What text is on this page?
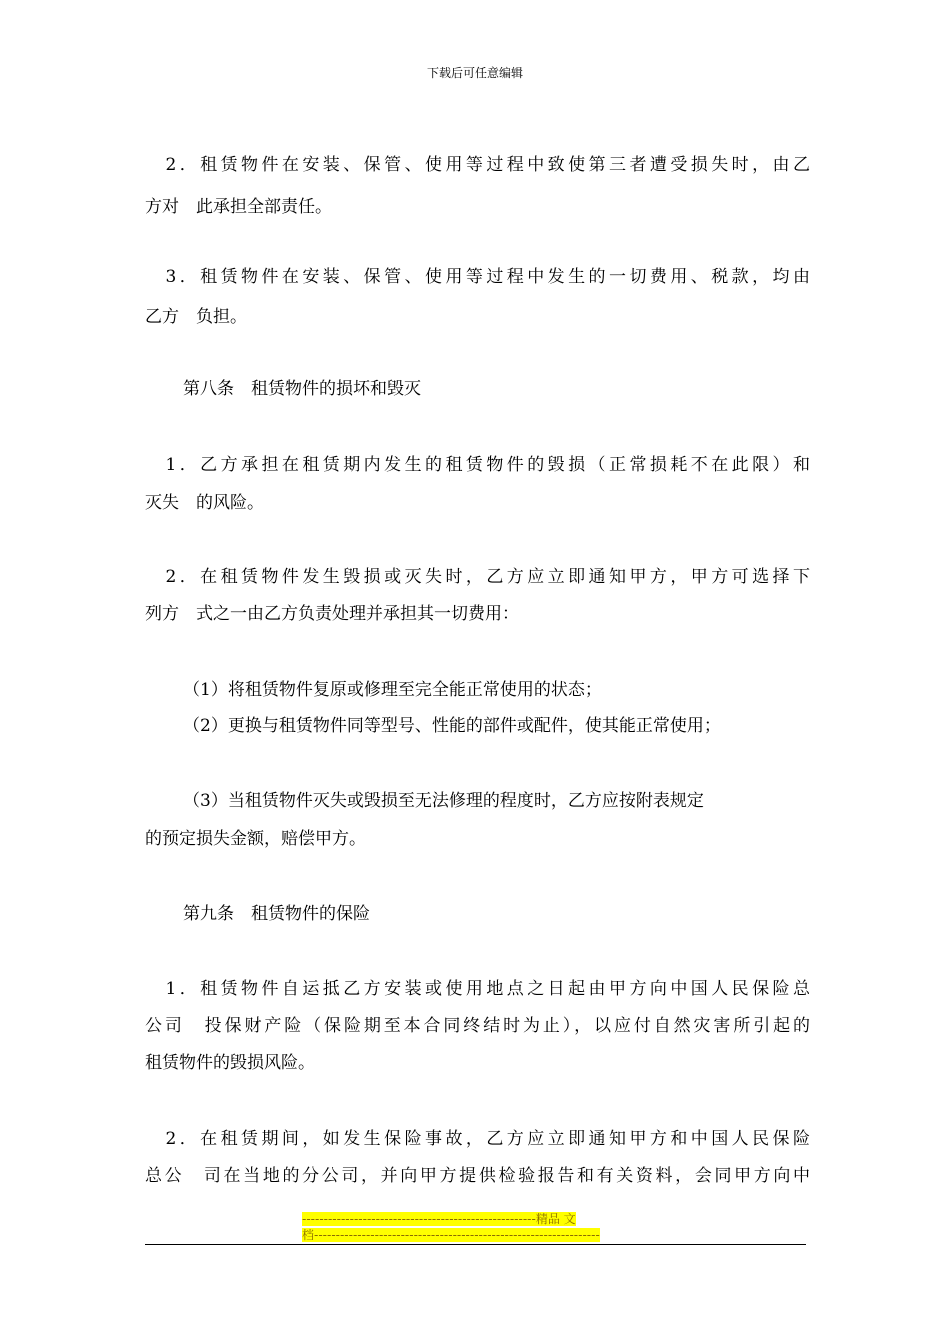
下载后可任意编辑
　2．租赁物件在安装、保管、使用等过程中致使第三者遭受损失时，由乙
方对　此承担全部责任。
　3．租赁物件在安装、保管、使用等过程中发生的一切费用、税款，均由
乙方　负担。
第八条　租赁物件的损坏和毁灭
　1．乙方承担在租赁期内发生的租赁物件的毁损（正常损耗不在此限）和
灭失　的风险。
　2．在租赁物件发生毁损或灭失时，乙方应立即通知甲方，甲方可选择下
列方　式之一由乙方负责处理并承担其一切费用：
（1）将租赁物件复原或修理至完全能正常使用的状态；
（2）更换与租赁物件同等型号、性能的部件或配件，使其能正常使用；
（3）当租赁物件灭失或毁损至无法修理的程度时，乙方应按附表规定
的预定损失金额，赔偿甲方。
第九条　租赁物件的保险
　1．租赁物件自运抵乙方安装或使用地点之日起由甲方向中国人民保险总
公司　投保财产险（保险期至本合同终结时为止），以应付自然灾害所引起的
租赁物件的毁损风险。
　2．在租赁期间，如发生保险事故，乙方应立即通知甲方和中国人民保险
总公　司在当地的分公司，并向甲方提供检验报告和有关资料，会同甲方向中
------------------------------------------------------精品 文
档------------------------------------------------------------------
